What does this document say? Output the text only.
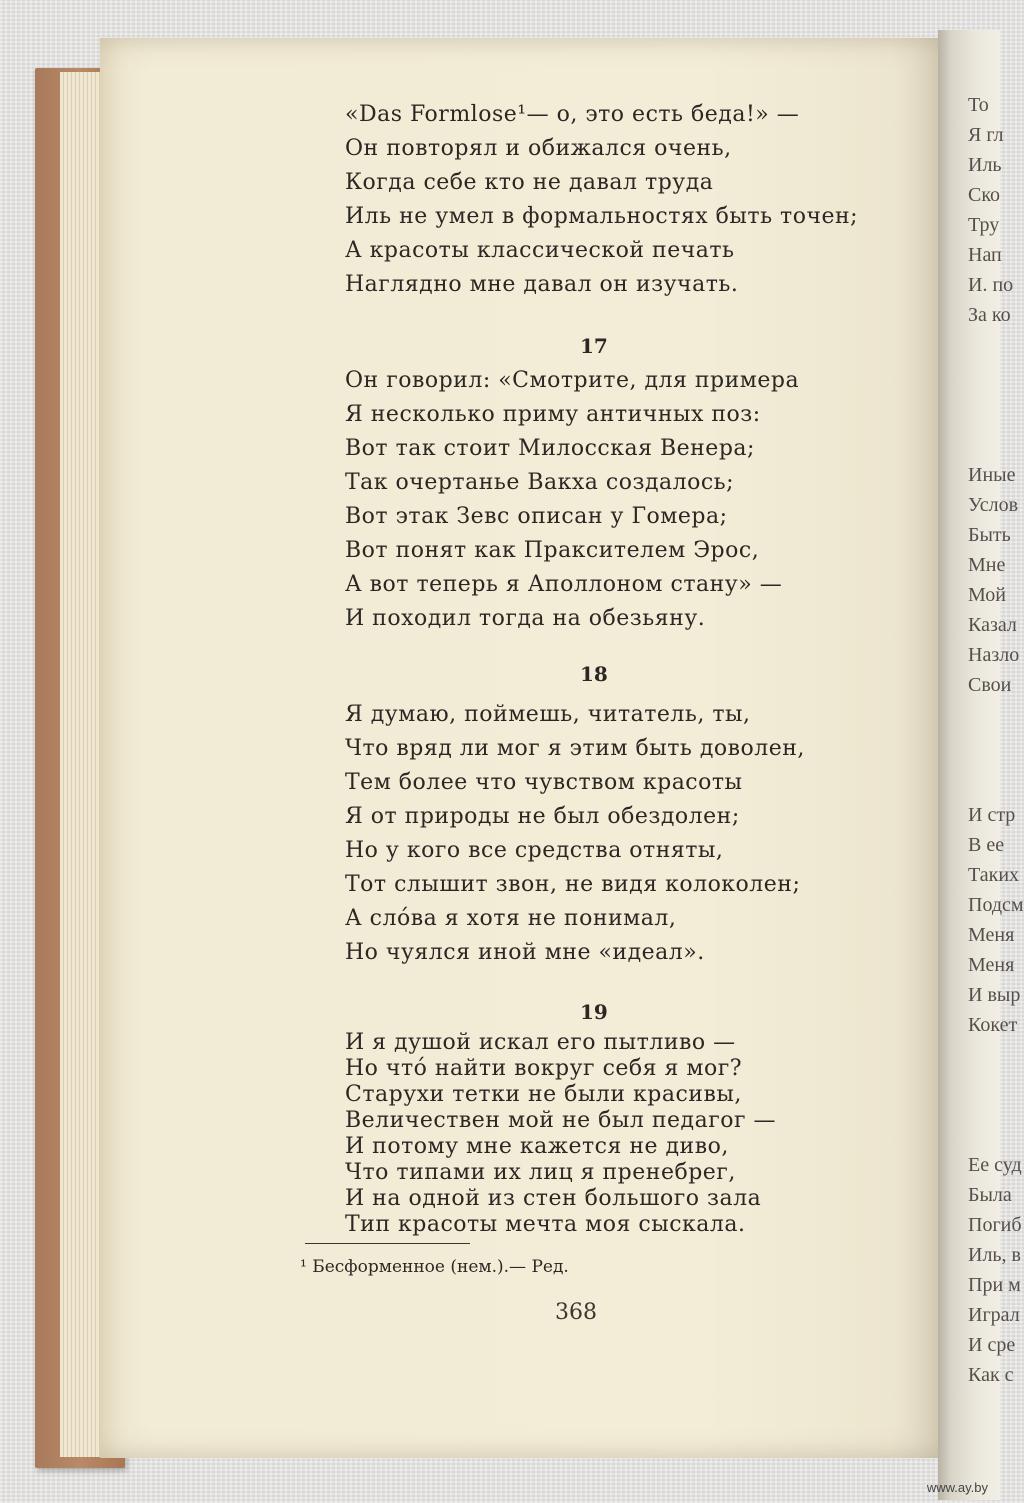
То
Я гл
Иль
Ско
Тру
Нап
И. по
За ко
Иные
Услов
Быть
Мне
Мой
Казал
Назло
Свои
И стр
В ее
Таких
Подсм
Меня
Меня
И выр
Кокет
Ее суд
Была
Погиб
Иль, в
При м
Играл
И сре
Как с
«Das Formlose¹— о, это есть беда!» —
Он повторял и обижался очень,
Когда себе кто не давал труда
Иль не умел в формальностях быть точен;
А красоты классической печать
Наглядно мне давал он изучать.
17
Он говорил: «Смотрите, для примера
Я несколько приму античных поз:
Вот так стоит Милосская Венера;
Так очертанье Вакха создалось;
Вот этак Зевс описан у Гомера;
Вот понят как Праксителем Эрос,
А вот теперь я Аполлоном стану» —
И походил тогда на обезьяну.
18
Я думаю, поймешь, читатель, ты,
Что вряд ли мог я этим быть доволен,
Тем более что чувством красоты
Я от природы не был обездолен;
Но у кого все средства отняты,
Тот слышит звон, не видя колоколен;
А сло́ва я хотя не понимал,
Но чуялся иной мне «идеал».
19
И я душой искал его пытливо —
Но что́ найти вокруг себя я мог?
Старухи тетки не были красивы,
Величествен мой не был педагог —
И потому мне кажется не диво,
Что типами их лиц я пренебрег,
И на одной из стен большого зала
¹ Бесформенное (нем.).— Ред.
368
www.ay.by
Тип красоты мечта моя сыскала.
